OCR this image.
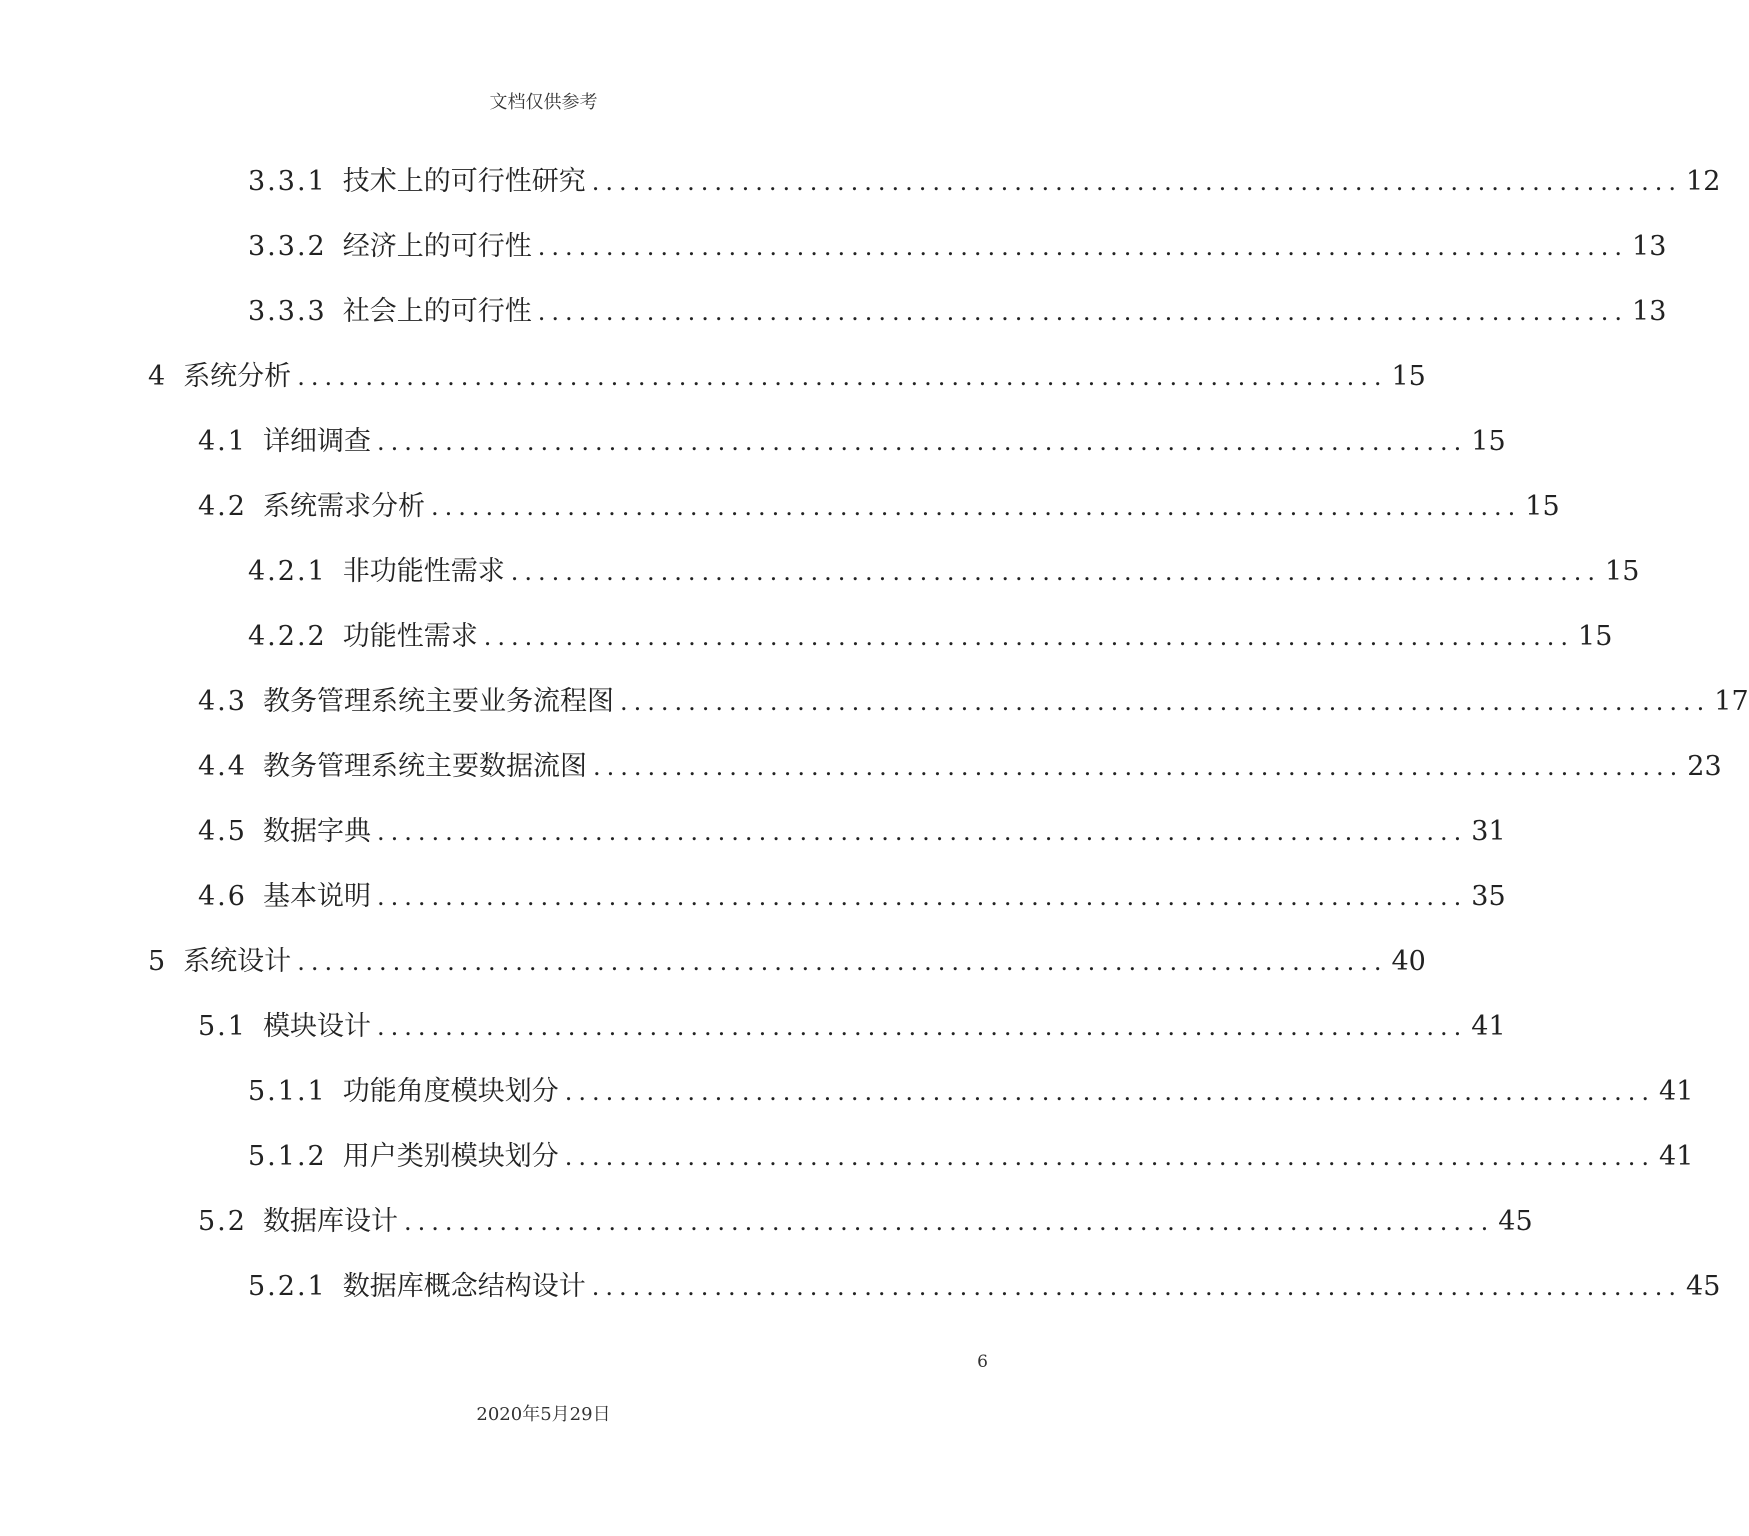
文档仅供参考
3.3.1 技术上的可行性研究 ................................................................................ 12
3.3.2 经济上的可行性 ................................................................................ 13
3.3.3 社会上的可行性 ................................................................................ 13
4 系统分析 ................................................................................ 15
4.1 详细调查 ................................................................................ 15
4.2 系统需求分析 ................................................................................ 15
4.2.1 非功能性需求 ................................................................................ 15
4.2.2 功能性需求 ................................................................................ 15
4.3 教务管理系统主要业务流程图 ................................................................................ 17
4.4 教务管理系统主要数据流图 ................................................................................ 23
4.5 数据字典 ................................................................................ 31
4.6 基本说明 ................................................................................ 35
5 系统设计 ................................................................................ 40
5.1 模块设计 ................................................................................ 41
5.1.1 功能角度模块划分 ................................................................................ 41
5.1.2 用户类别模块划分 ................................................................................ 41
5.2 数据库设计 ................................................................................ 45
5.2.1 数据库概念结构设计 ................................................................................ 45
6
2020年5月29日
